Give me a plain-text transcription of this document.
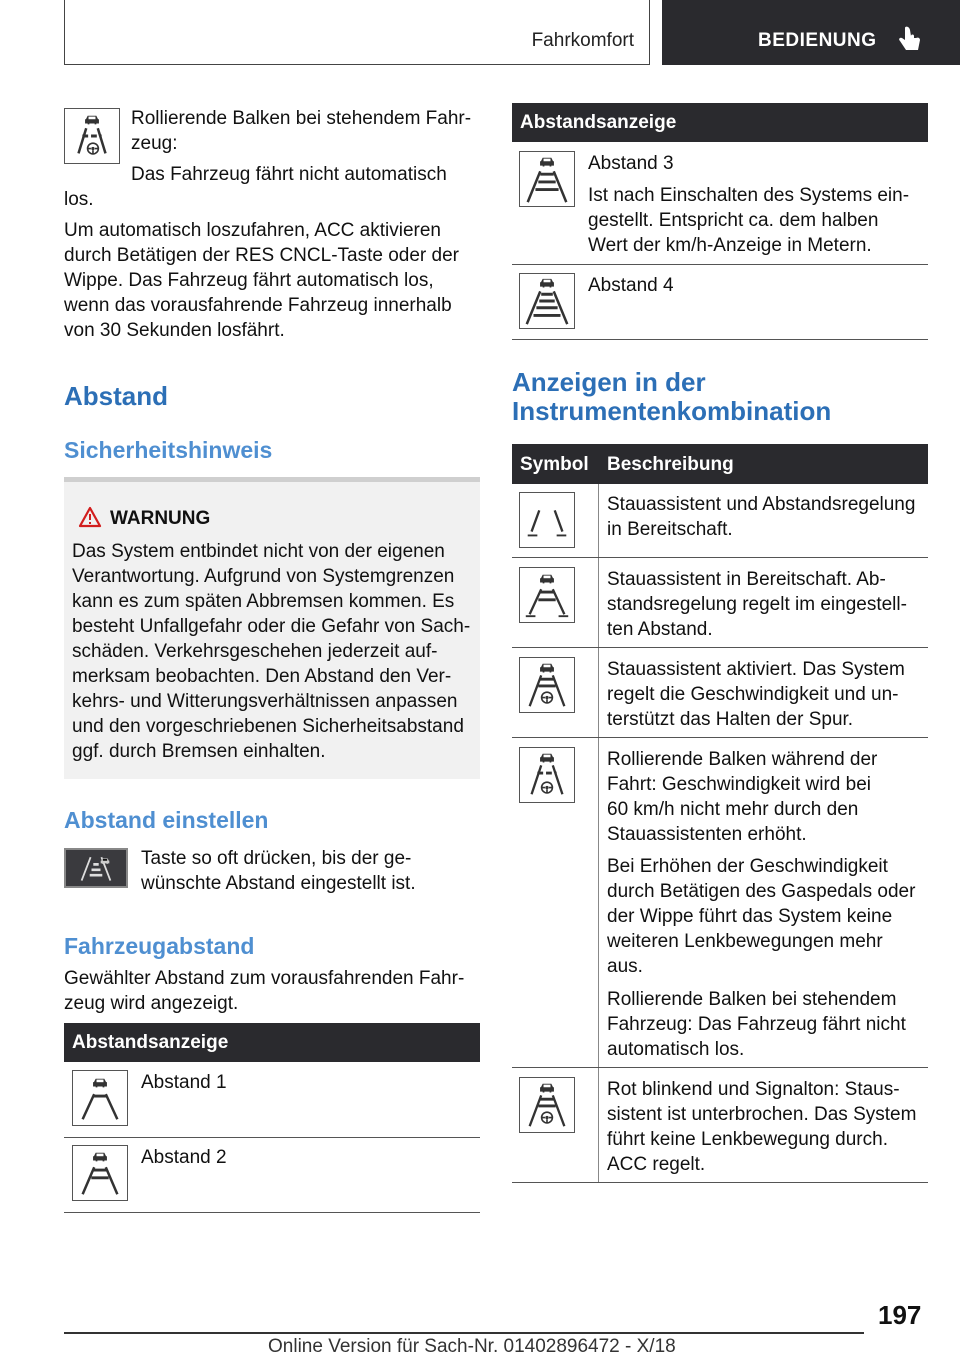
Fahrkomfort	BEDIENUNG
Rollierende Balken bei stehendem Fahr-
zeug:
Das Fahrzeug fährt nicht automatisch
los.
Um automatisch loszufahren, ACC aktivieren
durch Betätigen der RES CNCL-Taste oder der
Wippe. Das Fahrzeug fährt automatisch los,
wenn das vorausfahrende Fahrzeug innerhalb
von 30 Sekunden losfährt.
Abstand
Sicherheitshinweis
WARNUNG
Das System entbindet nicht von der eigenen
Verantwortung. Aufgrund von Systemgrenzen
kann es zum späten Abbremsen kommen. Es
besteht Unfallgefahr oder die Gefahr von Sach-
schäden. Verkehrsgeschehen jederzeit auf-
merksam beobachten. Den Abstand den Ver-
kehrs- und Witterungsverhältnissen anpassen
und den vorgeschriebenen Sicherheitsabstand
ggf. durch Bremsen einhalten.
Abstand einstellen
Taste so oft drücken, bis der ge-
wünschte Abstand eingestellt ist.
Fahrzeugabstand
Gewählter Abstand zum vorausfahrenden Fahr-
zeug wird angezeigt.
Abstandsanzeige
Abstand 1
Abstand 2
Abstandsanzeige
Abstand 3
Ist nach Einschalten des Systems ein-
gestellt. Entspricht ca. dem halben
Wert der km/h-Anzeige in Metern.
Abstand 4
Anzeigen in der
Instrumentenkombination
Symbol Beschreibung
Stauassistent und Abstandsregelung
in Bereitschaft.
Stauassistent in Bereitschaft. Ab-
standsregelung regelt im eingestell-
ten Abstand.
Stauassistent aktiviert. Das System
regelt die Geschwindigkeit und un-
terstützt das Halten der Spur.
Rollierende Balken während der
Fahrt: Geschwindigkeit wird bei
60 km/h nicht mehr durch den
Stauassistenten erhöht.
Bei Erhöhen der Geschwindigkeit
durch Betätigen des Gaspedals oder
der Wippe führt das System keine
weiteren Lenkbewegungen mehr
aus.
Rollierende Balken bei stehendem
Fahrzeug: Das Fahrzeug fährt nicht
automatisch los.
Rot blinkend und Signalton: Staus-
sistent ist unterbrochen. Das System
führt keine Lenkbewegung durch.
ACC regelt.
197
Online Version für Sach-Nr. 01402896472 - X/18
